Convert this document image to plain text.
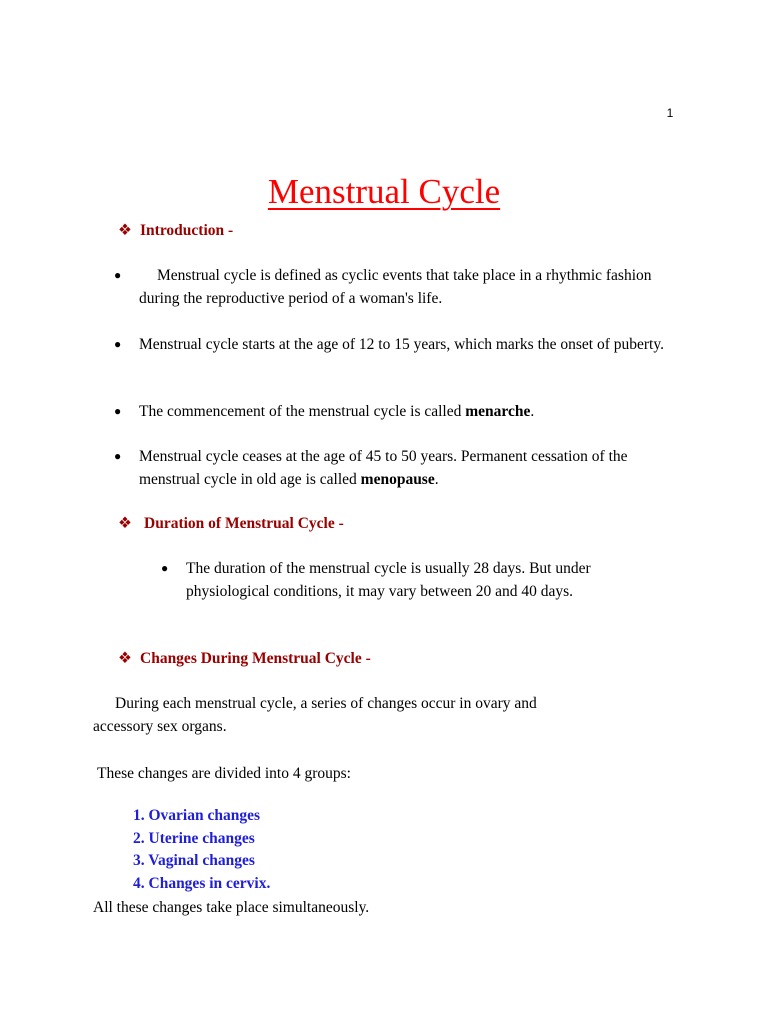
1
Menstrual Cycle
❖ Introduction -
●	Menstrual cycle is defined as cyclic events that take place in a rhythmic fashion during the reproductive period of a woman's life.
●	Menstrual cycle starts at the age of 12 to 15 years, which marks the onset of puberty.
●	The commencement of the menstrual cycle is called menarche.
●	Menstrual cycle ceases at the age of 45 to 50 years. Permanent cessation of the menstrual cycle in old age is called menopause.
❖ Duration of Menstrual Cycle -
●	The duration of the menstrual cycle is usually 28 days. But under physiological conditions, it may vary between 20 and 40 days.
❖ Changes During Menstrual Cycle -
During each menstrual cycle, a series of changes occur in ovary and
accessory sex organs.
These changes are divided into 4 groups:
1. Ovarian changes
2. Uterine changes
3. Vaginal changes
4. Changes in cervix.
All these changes take place simultaneously.
